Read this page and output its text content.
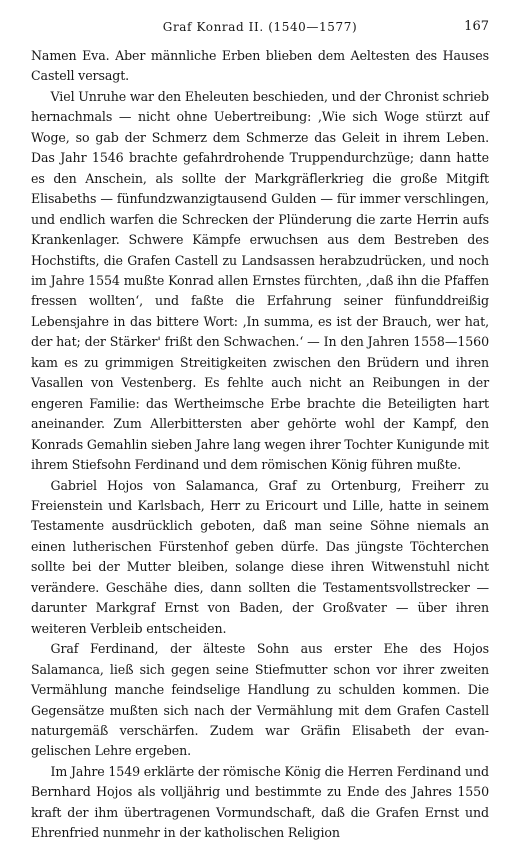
Graf Konrad II. (1540—1577)	167

Namen Eva. Aber männliche Erben blieben dem Aeltesten des Hauses Castell versagt.

Viel Unruhe war den Eheleuten beschieden, und der Chronist schrieb hernachmals — nicht ohne Uebertreibung: ‚Wie sich Woge stürzt auf Woge, so gab der Schmerz dem Schmerze das Geleit in ihrem Leben. Das Jahr 1546 brachte gefahrdrohende Truppendurchzüge; dann hatte es den Anschein, als sollte der Markgräflerkrieg die große Mitgift Elisabeths — fünfundzwanzigtausend Gulden — für immer verschlingen, und endlich warfen die Schrecken der Plünderung die zarte Herrin aufs Krankenlager. Schwere Kämpfe erwuchsen aus dem Bestreben des Hochstifts, die Grafen Castell zu Landsassen herabzudrücken, und noch im Jahre 1554 mußte Konrad allen Ernstes fürchten, ‚daß ihn die Pfaffen fressen wollten‘, und faßte die Erfahrung seiner fünfunddreißig Lebensjahre in das bittere Wort: ‚In summa, es ist der Brauch, wer hat, der hat; der Stärker' frißt den Schwachen.‘ — In den Jahren 1558—1560 kam es zu grimmigen Streitigkeiten zwischen den Brüdern und ihren Vasallen von Vestenberg. Es fehlte auch nicht an Reibungen in der engeren Familie: das Wertheimsche Erbe brachte die Beteiligten hart aneinander. Zum Allerbittersten aber gehörte wohl der Kampf, den Konrads Gemahlin sieben Jahre lang wegen ihrer Tochter Kunigunde mit ihrem Stiefsohn Ferdinand und dem römischen König führen mußte.

Gabriel Hojos von Salamanca, Graf zu Ortenburg, Freiherr zu Freienstein und Karlsbach, Herr zu Ericourt und Lille, hatte in seinem Testamente ausdrücklich geboten, daß man seine Söhne niemals an einen lutherischen Fürstenhof geben dürfe. Das jüngste Töchterchen sollte bei der Mutter bleiben, solange diese ihren Witwenstuhl nicht verändere. Geschähe dies, dann sollten die Testamentsvollstrecker — darunter Markgraf Ernst von Baden, der Großvater — über ihren weiteren Verbleib entscheiden.

Graf Ferdinand, der älteste Sohn aus erster Ehe des Hojos Salamanca, ließ sich gegen seine Stiefmutter schon vor ihrer zweiten Vermählung manche feindselige Handlung zu schulden kommen. Die Gegensätze mußten sich nach der Vermählung mit dem Grafen Castell naturgemäß verschärfen. Zudem war Gräfin Elisabeth der evangelischen Lehre ergeben.

Im Jahre 1549 erklärte der römische König die Herren Ferdinand und Bernhard Hojos als volljährig und bestimmte zu Ende des Jahres 1550 kraft der ihm übertragenen Vormundschaft, daß die Grafen Ernst und Ehrenfried nunmehr in der katholischen Religion
